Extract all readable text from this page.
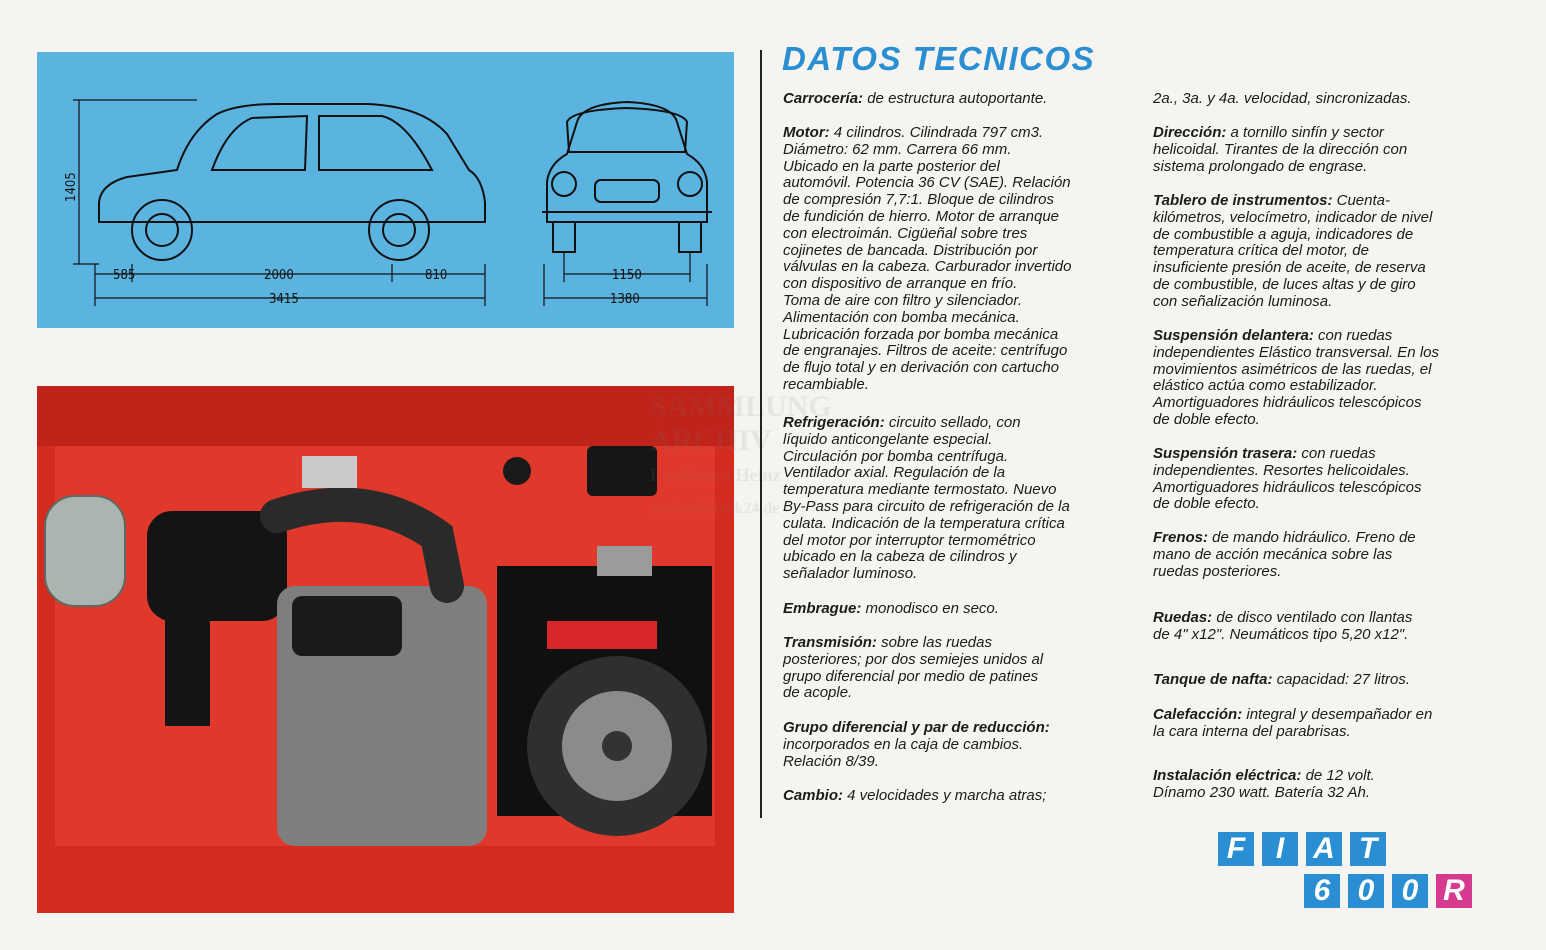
1405
585	2000	810
3415
1150
1380
SAMMLUNG
Heinz
DATOS TECNICOS

Carrocería: de estructura autoportante.

Motor: 4 cilindros. Cilindrada 797 cm3.
Diámetro: 62 mm. Carrera 66 mm.
Ubicado en la parte posterior del
automóvil. Potencia 36 CV (SAE). Relación
de compresión 7,7:1. Bloque de cilindros
de fundición de hierro. Motor de arranque
con electroimán. Cigüeñal sobre tres
cojinetes de bancada. Distribución por
válvulas en la cabeza. Carburador invertido
con dispositivo de arranque en frío.
Toma de aire con filtro y silenciador.
Alimentación con bomba mecánica.
Lubricación forzada por bomba mecánica
de engranajes. Filtros de aceite: centrífugo
de flujo total y en derivación con cartucho
recambiable.

Refrigeración: circuito sellado, con
líquido anticongelante especial.
Circulación por bomba centrífuga.
Ventilador axial. Regulación de la
temperatura mediante termostato. Nuevo
By-Pass para circuito de refrigeración de la
culata. Indicación de la temperatura crítica
del motor por interruptor termométrico
ubicado en la cabeza de cilindros y
señalador luminoso.

Embrague: monodisco en seco.

Transmisión: sobre las ruedas
posteriores; por dos semiejes unidos al
grupo diferencial por medio de patines
de acople.

Grupo diferencial y par de reducción:
incorporados en la caja de cambios.
Relación 8/39.

Cambio: 4 velocidades y marcha atras;

2a., 3a. y 4a. velocidad, sincronizadas.

Dirección: a tornillo sinfín y sector
helicoidal. Tirantes de la dirección con
sistema prolongado de engrase.

Tablero de instrumentos: Cuenta-
kilómetros, velocímetro, indicador de nivel
de combustible a aguja, indicadores de
temperatura crítica del motor, de
insuficiente presión de aceite, de reserva
de combustible, de luces altas y de giro
con señalización luminosa.

Suspensión delantera: con ruedas
independientes Elástico transversal. En los
movimientos asimétricos de las ruedas, el
elástico actúa como estabilizador.
Amortiguadores hidráulicos telescópicos
de doble efecto.

Suspensión trasera: con ruedas
independientes. Resortes helicoidales.
Amortiguadores hidráulicos telescópicos
de doble efecto.

Frenos: de mando hidráulico. Freno de
mano de acción mecánica sobre las
ruedas posteriores.

Ruedas: de disco ventilado con llantas
de 4" x12". Neumáticos tipo 5,20 x12".

Tanque de nafta: capacidad: 27 litros.

Calefacción: integral y desempañador en
la cara interna del parabrisas.

Instalación eléctrica: de 12 volt.
Dínamo 230 watt. Batería 32 Ah.

F	I A T
6 0 0 R
